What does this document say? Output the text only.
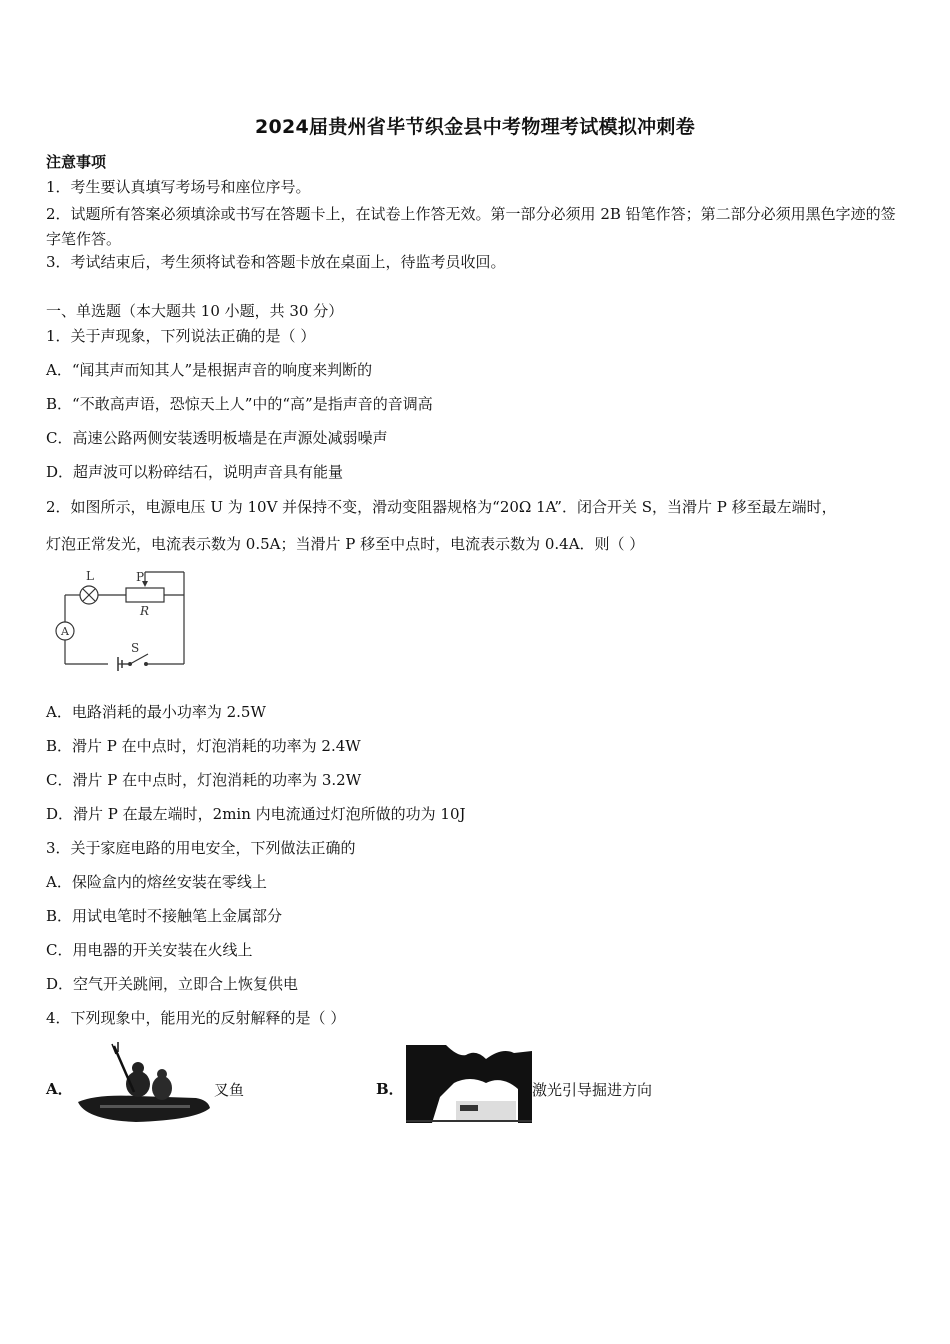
2024届贵州省毕节织金县中考物理考试模拟冲刺卷
注意事项
1．考生要认真填写考场号和座位序号。
2．试题所有答案必须填涂或书写在答题卡上，在试卷上作答无效。第一部分必须用 2B 铅笔作答；第二部分必须用黑色字迹的签字笔作答。
3．考试结束后，考生须将试卷和答题卡放在桌面上，待监考员收回。
一、单选题（本大题共 10 小题，共 30 分）
1．关于声现象，下列说法正确的是（ ）
A．“闻其声而知其人”是根据声音的响度来判断的
B．“不敢高声语，恐惊天上人”中的“高”是指声音的音调高
C．高速公路两侧安装透明板墙是在声源处减弱噪声
D．超声波可以粉碎结石，说明声音具有能量
2．如图所示，电源电压 U 为 10V 并保持不变，滑动变阻器规格为“20Ω 1A”．闭合开关 S，当滑片 P 移至最左端时，
灯泡正常发光，电流表示数为 0.5A；当滑片 P 移至中点时，电流表示数为 0.4A．则（ ）
L	P
R
A
S
A．电路消耗的最小功率为 2.5W
B．滑片 P 在中点时，灯泡消耗的功率为 2.4W
C．滑片 P 在中点时，灯泡消耗的功率为 3.2W
D．滑片 P 在最左端时，2min 内电流通过灯泡所做的功为 10J
3．关于家庭电路的用电安全，下列做法正确的
A．保险盒内的熔丝安装在零线上
B．用试电笔时不接触笔上金属部分
C．用电器的开关安装在火线上
D．空气开关跳闸，立即合上恢复供电
4．下列现象中，能用光的反射解释的是（ ）
A．	叉鱼	B．	激光引导掘进方向
